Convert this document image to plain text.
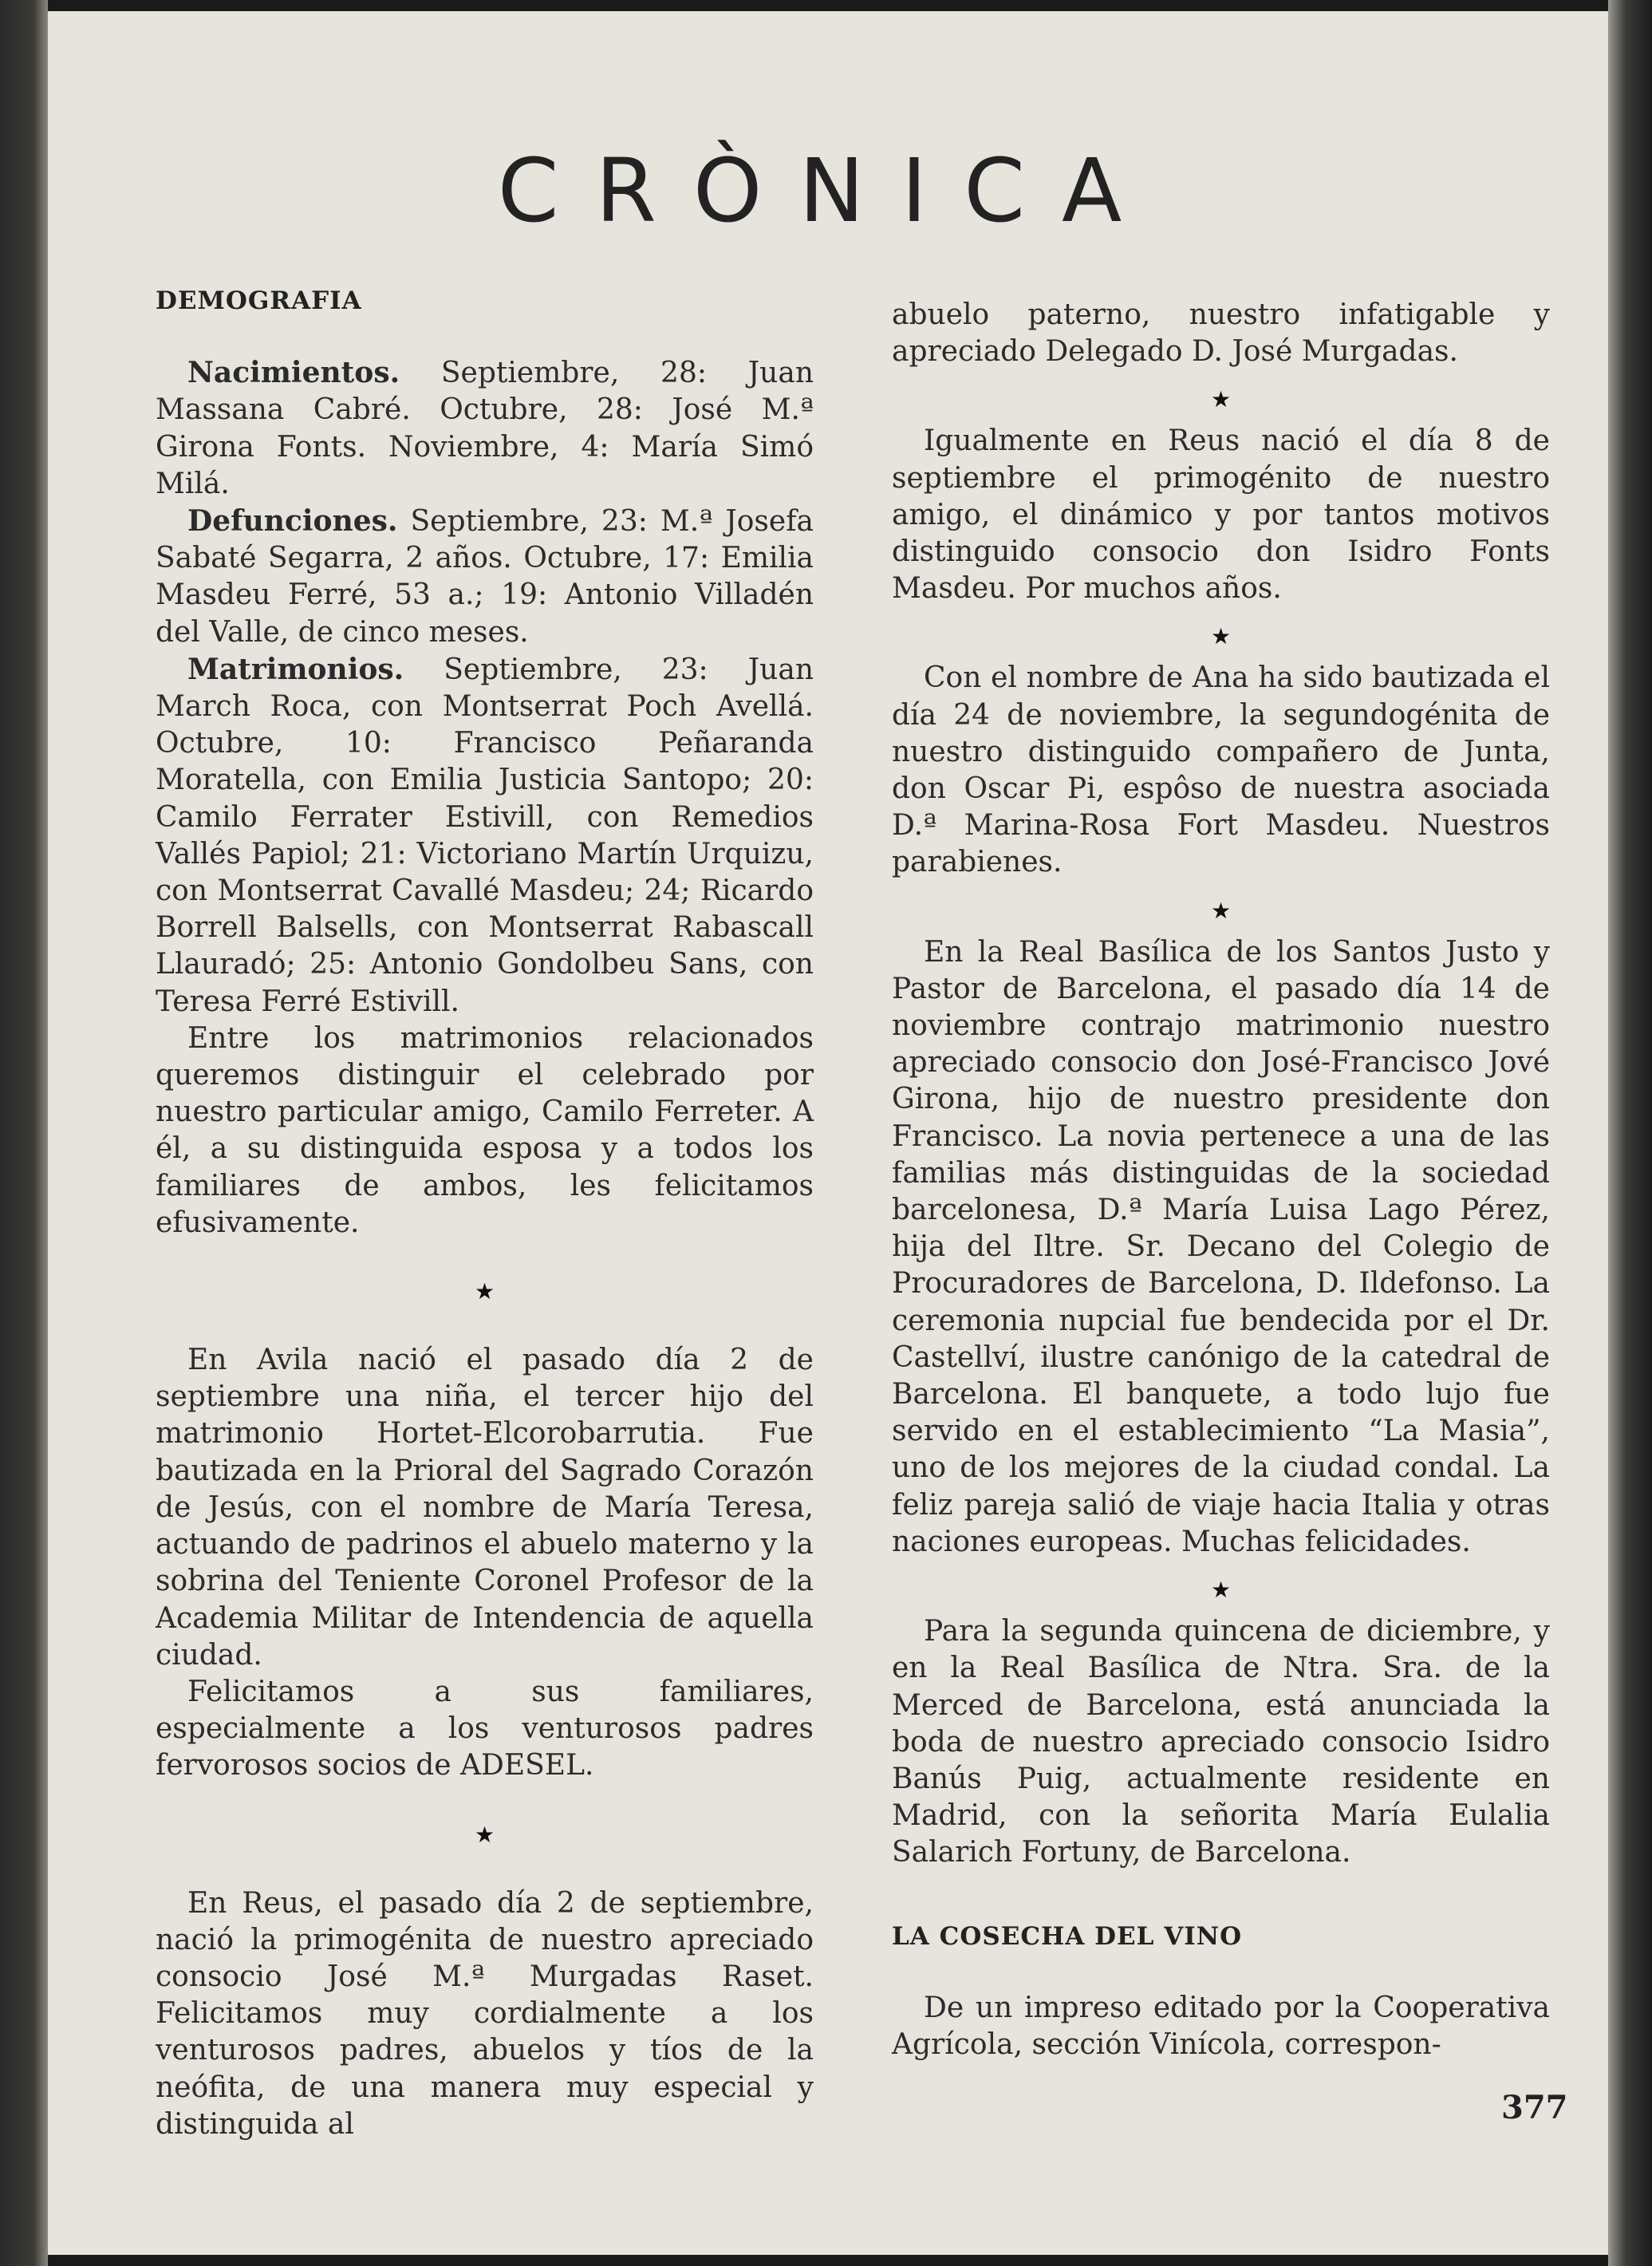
CRÒNICA
DEMOGRAFIA

Nacimientos. Septiembre, 28: Juan Massana Cabré. Octubre, 28: José M.ª Girona Fonts. Noviembre, 4: María Simó Milá.

Defunciones. Septiembre, 23: M.ª Josefa Sabaté Segarra, 2 años. Octubre, 17: Emilia Masdeu Ferré, 53 a.; 19: Antonio Villadén del Valle, de cinco meses.

Matrimonios. Septiembre, 23: Juan March Roca, con Montserrat Poch Avellá. Octubre, 10: Francisco Peñaranda Moratella, con Emilia Justicia Santopo; 20: Camilo Ferrater Estivill, con Remedios Vallés Papiol; 21: Victoriano Martín Urquizu, con Montserrat Cavallé Masdeu; 24; Ricardo Borrell Balsells, con Montserrat Rabascall Llauradó; 25: Antonio Gondolbeu Sans, con Teresa Ferré Estivill.

Entre los matrimonios relacionados queremos distinguir el celebrado por nuestro particular amigo, Camilo Ferreter. A él, a su distinguida esposa y a todos los familiares de ambos, les felicitamos efusivamente.

★

En Avila nació el pasado día 2 de septiembre una niña, el tercer hijo del matrimonio Hortet-Elcorobarrutia. Fue bautizada en la Prioral del Sagrado Corazón de Jesús, con el nombre de María Teresa, actuando de padrinos el abuelo materno y la sobrina del Teniente Coronel Profesor de la Academia Militar de Intendencia de aquella ciudad.

Felicitamos a sus familiares, especialmente a los venturosos padres fervorosos socios de ADESEL.

★

En Reus, el pasado día 2 de septiembre, nació la primogénita de nuestro apreciado consocio José M.ª Murgadas Raset. Felicitamos muy cordialmente a los venturosos padres, abuelos y tíos de la neófita, de una manera muy especial y distinguida al

abuelo paterno, nuestro infatigable y apreciado Delegado D. José Murgadas.

★

Igualmente en Reus nació el día 8 de septiembre el primogénito de nuestro amigo, el dinámico y por tantos motivos distinguido consocio don Isidro Fonts Masdeu. Por muchos años.

★

Con el nombre de Ana ha sido bautizada el día 24 de noviembre, la segundogénita de nuestro distinguido compañero de Junta, don Oscar Pi, espôso de nuestra asociada D.ª Marina-Rosa Fort Masdeu. Nuestros parabienes.

★

En la Real Basílica de los Santos Justo y Pastor de Barcelona, el pasado día 14 de noviembre contrajo matrimonio nuestro apreciado consocio don José-Francisco Jové Girona, hijo de nuestro presidente don Francisco. La novia pertenece a una de las familias más distinguidas de la sociedad barcelonesa, D.ª María Luisa Lago Pérez, hija del Iltre. Sr. Decano del Colegio de Procuradores de Barcelona, D. Ildefonso. La ceremonia nupcial fue bendecida por el Dr. Castellví, ilustre canónigo de la catedral de Barcelona. El banquete, a todo lujo fue servido en el establecimiento “La Masia”, uno de los mejores de la ciudad condal. La feliz pareja salió de viaje hacia Italia y otras naciones europeas. Muchas felicidades.

★

Para la segunda quincena de diciembre, y en la Real Basílica de Ntra. Sra. de la Merced de Barcelona, está anunciada la boda de nuestro apreciado consocio Isidro Banús Puig, actualmente residente en Madrid, con la señorita María Eulalia Salarich Fortuny, de Barcelona.

LA COSECHA DEL VINO

De un impreso editado por la Cooperativa Agrícola, sección Vinícola, correspon-

377
